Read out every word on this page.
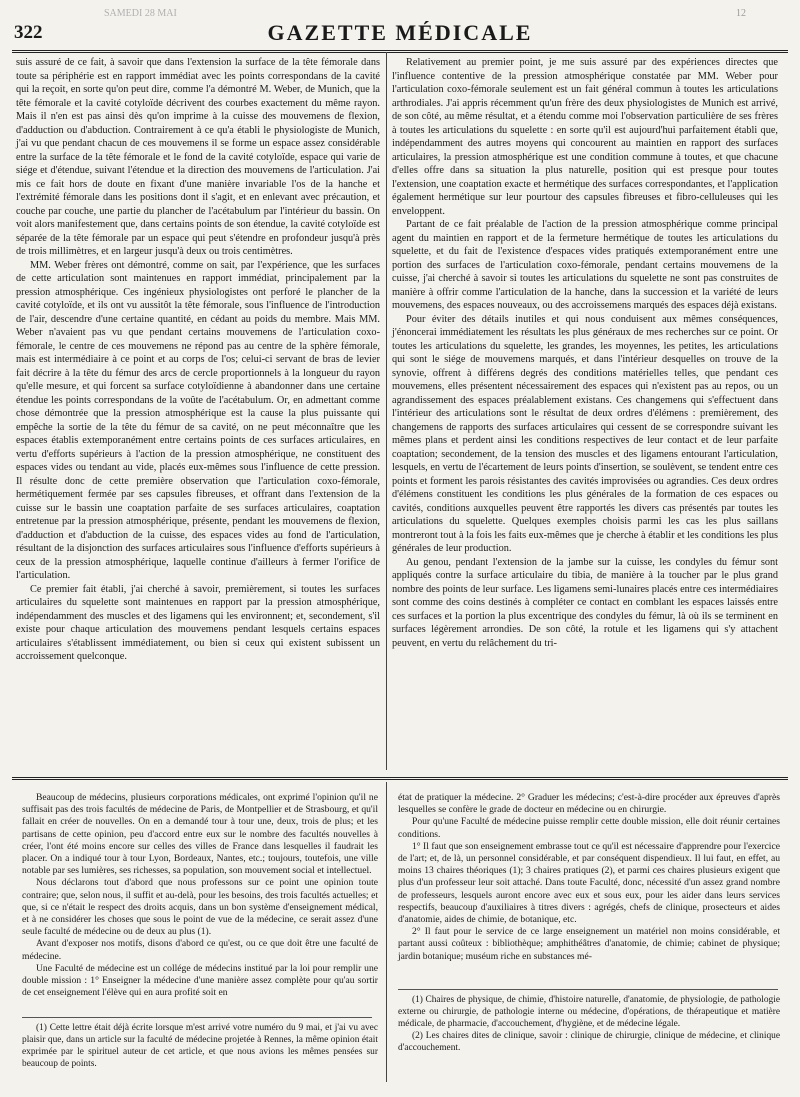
SAMEDI 28 MAI
322	GAZETTE MÉDICALE
12

suis assuré de ce fait, à savoir que dans l'extension la surface de la tête fémorale dans toute sa périphérie est en rapport immédiat avec les points correspondans de la cavité qui la reçoit, en sorte qu'on peut dire, comme l'a démontré M. Weber, de Munich, que la tête fémorale et la cavité cotyloïde décrivent des courbes exactement du même rayon. Mais il n'en est pas ainsi dès qu'on imprime à la cuisse des mouvemens de flexion, d'adduction ou d'abduction. Contrairement à ce qu'a établi le physiologiste de Munich, j'ai vu que pendant chacun de ces mouvemens il se forme un espace assez considérable entre la surface de la tête fémorale et le fond de la cavité cotyloïde, espace qui varie de siége et d'étendue, suivant l'étendue et la direction des mouvemens de l'articulation. J'ai mis ce fait hors de doute en fixant d'une manière invariable l'os de la hanche et l'extrémité fémorale dans les positions dont il s'agit, et en enlevant avec précaution, et couche par couche, une partie du plancher de l'acétabulum par l'intérieur du bassin. On voit alors manifestement que, dans certains points de son étendue, la cavité cotyloïde est séparée de la tête fémorale par un espace qui peut s'étendre en profondeur jusqu'à près de trois millimètres, et en largeur jusqu'à deux ou trois centimètres.

MM. Weber frères ont démontré, comme on sait, par l'expérience, que les surfaces de cette articulation sont maintenues en rapport immédiat, principalement par la pression atmosphérique. Ces ingénieux physiologistes ont perforé le plancher de la cavité cotyloïde, et ils ont vu aussitôt la tête fémorale, sous l'influence de l'introduction de l'air, descendre d'une certaine quantité, en cédant au poids du membre. Mais MM. Weber n'avaient pas vu que pendant certains mouvemens de l'articulation coxo-fémorale, le centre de ces mouvemens ne répond pas au centre de la sphère fémorale, mais est intermédiaire à ce point et au corps de l'os; celui-ci servant de bras de levier fait décrire à la tête du fémur des arcs de cercle proportionnels à la longueur du rayon qu'elle mesure, et qui forcent sa surface cotyloïdienne à abandonner dans une certaine étendue les points correspondans de la voûte de l'acétabulum. Or, en admettant comme chose démontrée que la pression atmosphérique est la cause la plus puissante qui empêche la sortie de la tête du fémur de sa cavité, on ne peut méconnaître que les espaces établis extemporanément entre certains points de ces surfaces articulaires, en vertu d'efforts supérieurs à l'action de la pression atmosphérique, ne constituent des espaces vides ou tendant au vide, placés eux-mêmes sous l'influence de cette pression. Il résulte donc de cette première observation que l'articulation coxo-fémorale, hermétiquement fermée par ses capsules fibreuses, et offrant dans l'extension de la cuisse sur le bassin une coaptation parfaite de ses surfaces articulaires, coaptation entretenue par la pression atmosphérique, présente, pendant les mouvemens de flexion, d'adduction et d'abduction de la cuisse, des espaces vides au fond de l'articulation, résultant de la disjonction des surfaces articulaires sous l'influence d'efforts supérieurs à ceux de la pression atmosphérique, laquelle continue d'ailleurs à fermer l'orifice de l'articulation.

Ce premier fait établi, j'ai cherché à savoir, premièrement, si toutes les surfaces articulaires du squelette sont maintenues en rapport par la pression atmosphérique, indépendamment des muscles et des ligamens qui les environnent; et, secondement, s'il existe pour chaque articulation des mouvemens pendant lesquels certains espaces articulaires s'établissent immédiatement, ou bien si ceux qui existent subissent un accroissement quelconque.

Relativement au premier point, je me suis assuré par des expériences directes que l'influence contentive de la pression atmosphérique constatée par MM. Weber pour l'articulation coxo-fémorale seulement est un fait général commun à toutes les articulations arthrodiales. J'ai appris récemment qu'un frère des deux physiologistes de Munich est arrivé, de son côté, au même résultat, et a étendu comme moi l'observation particulière de ses frères à toutes les articulations du squelette : en sorte qu'il est aujourd'hui parfaitement établi que, indépendamment des autres moyens qui concourent au maintien en rapport des surfaces articulaires, la pression atmosphérique est une condition commune à toutes, et que chacune d'elles offre dans sa situation la plus naturelle, position qui est presque pour toutes l'extension, une coaptation exacte et hermétique des surfaces correspondantes, et l'application également hermétique sur leur pourtour des capsules fibreuses et fibro-celluleuses qui les enveloppent.

Partant de ce fait préalable de l'action de la pression atmosphérique comme principal agent du maintien en rapport et de la fermeture hermétique de toutes les articulations du squelette, et du fait de l'existence d'espaces vides pratiqués extemporanément entre une portion des surfaces de l'articulation coxo-fémorale, pendant certains mouvemens de la cuisse, j'ai cherché à savoir si toutes les articulations du squelette ne sont pas construites de manière à offrir comme l'articulation de la hanche, dans la succession et la variété de leurs mouvemens, des espaces nouveaux, ou des accroissemens marqués des espaces déjà existans.

Pour éviter des détails inutiles et qui nous conduisent aux mêmes conséquences, j'énoncerai immédiatement les résultats les plus généraux de mes recherches sur ce point. Or toutes les articulations du squelette, les grandes, les moyennes, les petites, les articulations qui sont le siége de mouvemens marqués, et dans l'intérieur desquelles on trouve de la synovie, offrent à différens degrés des conditions matérielles telles, que pendant ces mouvemens, elles présentent nécessairement des espaces qui n'existent pas au repos, ou un agrandissement des espaces préalablement existans. Ces changemens qui s'effectuent dans l'intérieur des articulations sont le résultat de deux ordres d'élémens : premièrement, des changemens de rapports des surfaces articulaires qui cessent de se correspondre suivant les mêmes plans et perdent ainsi les conditions respectives de leur contact et de leur parfaite coaptation; secondement, de la tension des muscles et des ligamens entourant l'articulation, lesquels, en vertu de l'écartement de leurs points d'insertion, se soulèvent, se tendent entre ces points et forment les parois résistantes des cavités improvisées ou agrandies. Ces deux ordres d'élémens constituent les conditions les plus générales de la formation de ces espaces ou cavités, conditions auxquelles peuvent être rapportés les divers cas présentés par toutes les articulations du squelette. Quelques exemples choisis parmi les cas les plus saillans montreront tout à la fois les faits eux-mêmes que je cherche à établir et les conditions les plus générales de leur production.

Au genou, pendant l'extension de la jambe sur la cuisse, les condyles du fémur sont appliqués contre la surface articulaire du tibia, de manière à la toucher par le plus grand nombre des points de leur surface. Les ligamens semi-lunaires placés entre ces intermédiaires sont comme des coins destinés à compléter ce contact en comblant les espaces laissés entre ces surfaces et la portion la plus excentrique des condyles du fémur, là où ils se terminent en surfaces légèrement arrondies. De son côté, la rotule et les ligamens qui s'y attachent peuvent, en vertu du relâchement du tri-

Beaucoup de médecins, plusieurs corporations médicales, ont exprimé l'opinion qu'il ne suffisait pas des trois facultés de médecine de Paris, de Montpellier et de Strasbourg, et qu'il fallait en créer de nouvelles. On en a demandé tour à tour une, deux, trois de plus; et les partisans de cette opinion, peu d'accord entre eux sur le nombre des facultés nouvelles à créer, l'ont été moins encore sur celles des villes de France dans lesquelles il faudrait les placer. On a indiqué tour à tour Lyon, Bordeaux, Nantes, etc.; toujours, toutefois, une ville notable par ses lumières, ses richesses, sa population, son mouvement social et intellectuel.

Nous déclarons tout d'abord que nous professons sur ce point une opinion toute contraire; que, selon nous, il suffit et au-delà, pour les besoins, des trois facultés actuelles; et que, si ce n'était le respect des droits acquis, dans un bon système d'enseignement médical, et à ne considérer les choses que sous le point de vue de la médecine, ce serait assez d'une seule faculté de médecine ou de deux au plus (1).

Avant d'exposer nos motifs, disons d'abord ce qu'est, ou ce que doit être une faculté de médecine.

Une Faculté de médecine est un collége de médecins institué par la loi pour remplir une double mission : 1° Enseigner la médecine d'une manière assez complète pour qu'au sortir de cet enseignement l'élève qui en aura profité soit en

état de pratiquer la médecine. 2° Graduer les médecins; c'est-à-dire procéder aux épreuves d'après lesquelles se confère le grade de docteur en médecine ou en chirurgie.

Pour qu'une Faculté de médecine puisse remplir cette double mission, elle doit réunir certaines conditions.

1° Il faut que son enseignement embrasse tout ce qu'il est nécessaire d'apprendre pour l'exercice de l'art; et, de là, un personnel considérable, et par conséquent dispendieux. Il lui faut, en effet, au moins 13 chaires théoriques (1); 3 chaires pratiques (2), et parmi ces chaires plusieurs exigent que plus d'un professeur leur soit attaché. Dans toute Faculté, donc, nécessité d'un assez grand nombre de professeurs, lesquels auront encore avec eux et sous eux, pour les aider dans leurs services respectifs, beaucoup d'auxiliaires à titres divers : agrégés, chefs de clinique, prosecteurs et aides d'anatomie, aides de chimie, de botanique, etc.

2° Il faut pour le service de ce large enseignement un matériel non moins considérable, et partant aussi coûteux : bibliothèque; amphithéâtres d'anatomie, de chimie; cabinet de physique; jardin botanique; muséum riche en substances mé-

(1) Cette lettre était déjà écrite lorsque m'est arrivé votre numéro du 9 mai, et j'ai vu avec plaisir que, dans un article sur la faculté de médecine projetée à Rennes, la même opinion était exprimée par le spirituel auteur de cet article, et que nous avions les mêmes pensées sur beaucoup de points.

(1) Chaires de physique, de chimie, d'histoire naturelle, d'anatomie, de physiologie, de pathologie externe ou chirurgie, de pathologie interne ou médecine, d'opérations, de thérapeutique et matière médicale, de pharmacie, d'accouchement, d'hygiène, et de médecine légale.

(2) Les chaires dites de clinique, savoir : clinique de chirurgie, clinique de médecine, et clinique d'accouchement.
